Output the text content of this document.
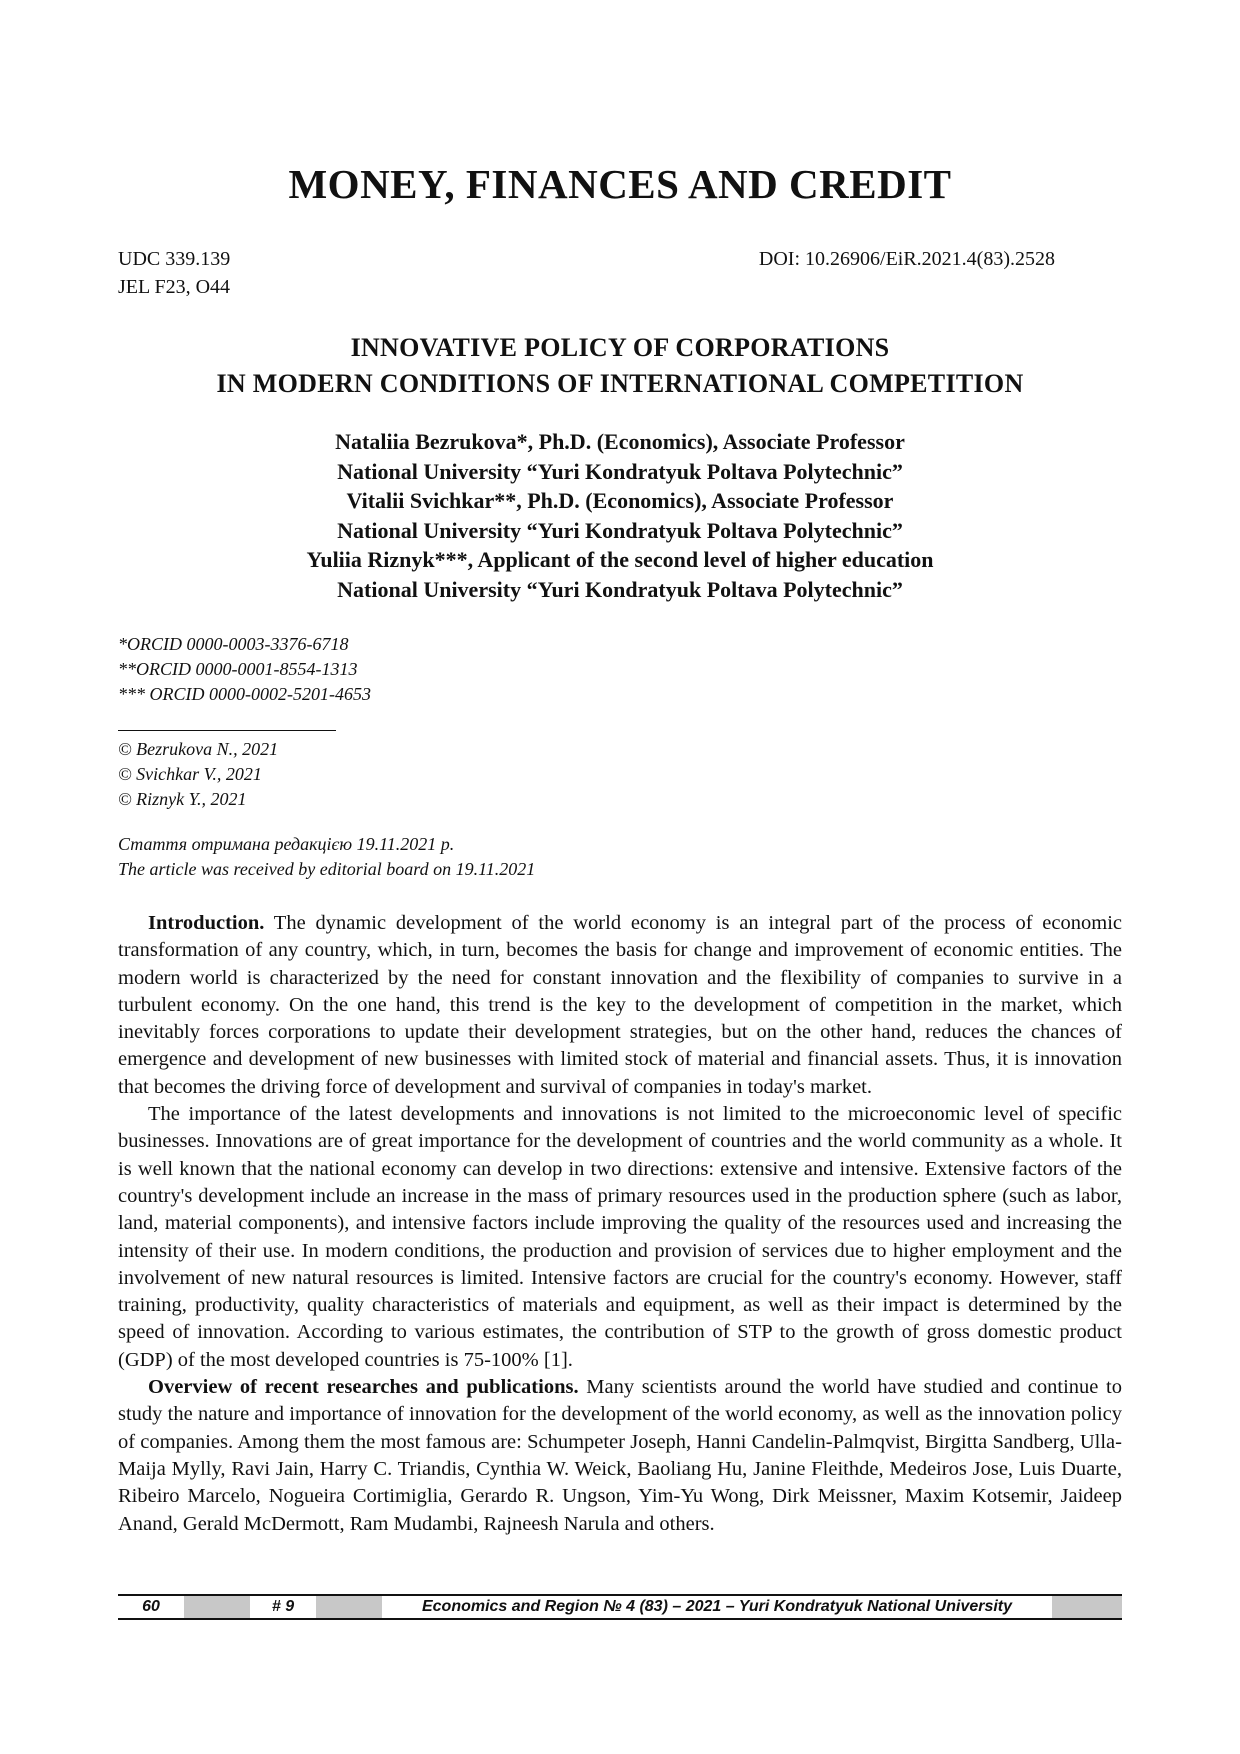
MONEY, FINANCES AND CREDIT
UDC 339.139
JEL F23, O44
DOI: 10.26906/EiR.2021.4(83).2528
INNOVATIVE POLICY OF CORPORATIONS
IN MODERN CONDITIONS OF INTERNATIONAL COMPETITION
Nataliia Bezrukova*, Ph.D. (Economics), Associate Professor
National University “Yuri Kondratyuk Poltava Polytechnic”
Vitalii Svichkar**, Ph.D. (Economics), Associate Professor
National University “Yuri Kondratyuk Poltava Polytechnic”
Yuliia Riznyk***, Applicant of the second level of higher education
National University “Yuri Kondratyuk Poltava Polytechnic”
*ORCID 0000-0003-3376-6718
**ORCID 0000-0001-8554-1313
*** ORCID 0000-0002-5201-4653
© Bezrukova N., 2021
© Svichkar V., 2021
© Riznyk Y., 2021
Стаття отримана редакцією 19.11.2021 р.
The article was received by editorial board on 19.11.2021

Introduction. The dynamic development of the world economy is an integral part of the process of economic transformation of any country, which, in turn, becomes the basis for change and improvement of economic entities. The modern world is characterized by the need for constant innovation and the flexibility of companies to survive in a turbulent economy. On the one hand, this trend is the key to the development of competition in the market, which inevitably forces corporations to update their development strategies, but on the other hand, reduces the chances of emergence and development of new businesses with limited stock of material and financial assets. Thus, it is innovation that becomes the driving force of development and survival of companies in today's market.

The importance of the latest developments and innovations is not limited to the microeconomic level of specific businesses. Innovations are of great importance for the development of countries and the world community as a whole. It is well known that the national economy can develop in two directions: extensive and intensive. Extensive factors of the country's development include an increase in the mass of primary resources used in the production sphere (such as labor, land, material components), and intensive factors include improving the quality of the resources used and increasing the intensity of their use. In modern conditions, the production and provision of services due to higher employment and the involvement of new natural resources is limited. Intensive factors are crucial for the country's economy. However, staff training, productivity, quality characteristics of materials and equipment, as well as their impact is determined by the speed of innovation. According to various estimates, the contribution of STP to the growth of gross domestic product (GDP) of the most developed countries is 75-100% [1].

Overview of recent researches and publications. Many scientists around the world have studied and continue to study the nature and importance of innovation for the development of the world economy, as well as the innovation policy of companies. Among them the most famous are: Schumpeter Joseph, Hanni Candelin-Palmqvist, Birgitta Sandberg, Ulla-Maija Mylly, Ravi Jain, Harry C. Triandis, Cynthia W. Weick, Baoliang Hu, Janine Fleithde, Medeiros Jose, Luis Duarte, Ribeiro Marcelo, Nogueira Cortimiglia, Gerardo R. Ungson, Yim-Yu Wong, Dirk Meissner, Maxim Kotsemir, Jaideep Anand, Gerald McDermott, Ram Mudambi, Rajneesh Narula and others.

60	# 9	Economics and Region № 4 (83) – 2021 – Yuri Kondratyuk National University
